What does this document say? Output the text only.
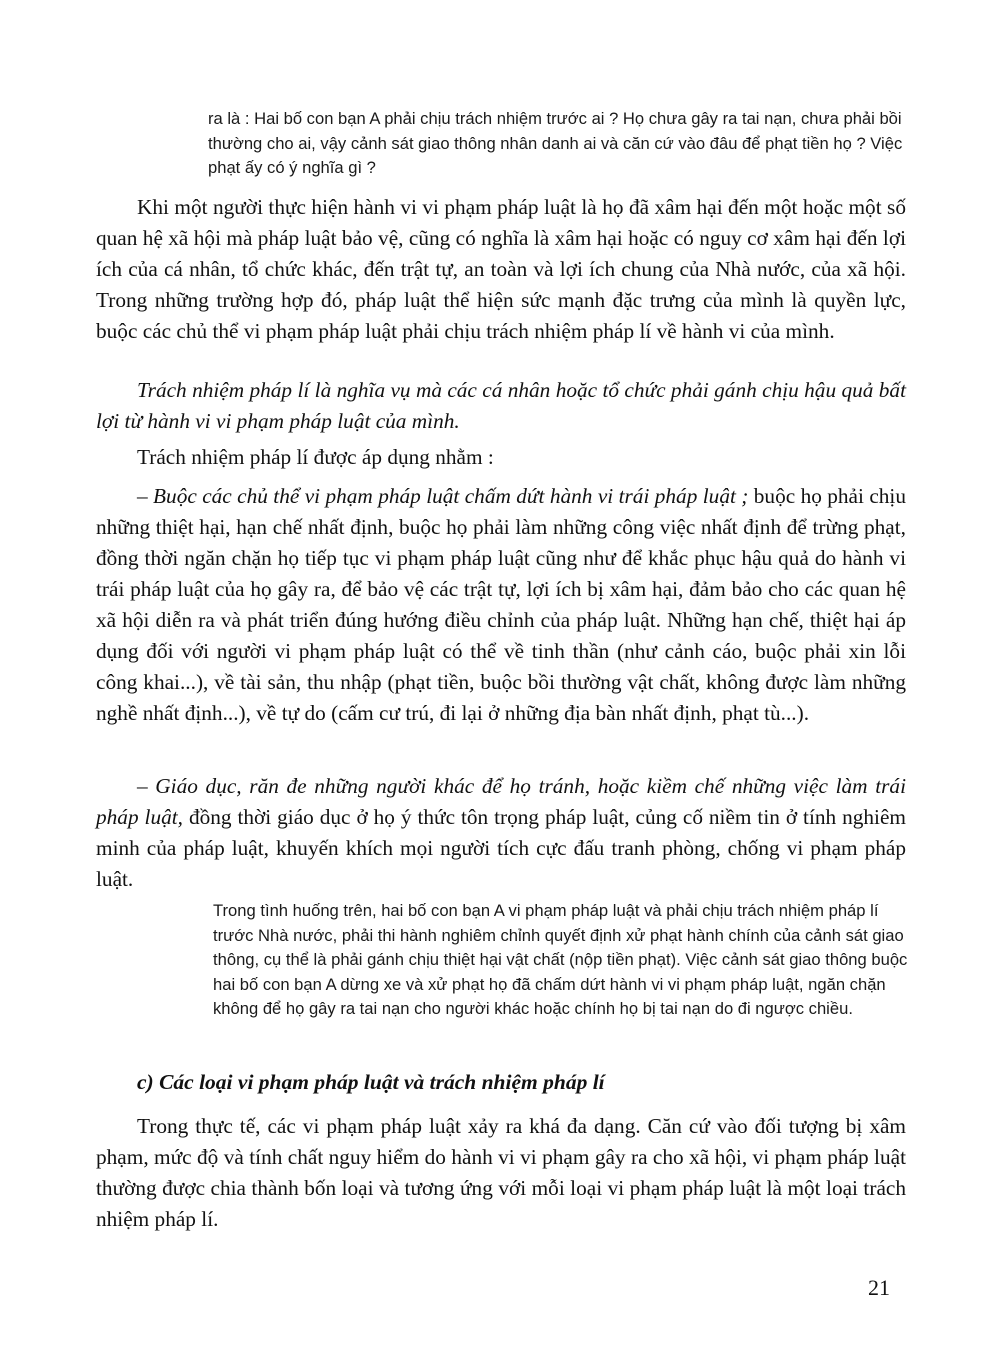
ra là : Hai bố con bạn A phải chịu trách nhiệm trước ai ? Họ chưa gây ra tai nạn, chưa phải bồi thường cho ai, vậy cảnh sát giao thông nhân danh ai và căn cứ vào đâu để phạt tiền họ ? Việc phạt ấy có ý nghĩa gì ?

Khi một người thực hiện hành vi vi phạm pháp luật là họ đã xâm hại đến một hoặc một số quan hệ xã hội mà pháp luật bảo vệ, cũng có nghĩa là xâm hại hoặc có nguy cơ xâm hại đến lợi ích của cá nhân, tổ chức khác, đến trật tự, an toàn và lợi ích chung của Nhà nước, của xã hội. Trong những trường hợp đó, pháp luật thể hiện sức mạnh đặc trưng của mình là quyền lực, buộc các chủ thể vi phạm pháp luật phải chịu trách nhiệm pháp lí về hành vi của mình.

Trách nhiệm pháp lí là nghĩa vụ mà các cá nhân hoặc tổ chức phải gánh chịu hậu quả bất lợi từ hành vi vi phạm pháp luật của mình.

Trách nhiệm pháp lí được áp dụng nhằm :

– Buộc các chủ thể vi phạm pháp luật chấm dứt hành vi trái pháp luật ; buộc họ phải chịu những thiệt hại, hạn chế nhất định, buộc họ phải làm những công việc nhất định để trừng phạt, đồng thời ngăn chặn họ tiếp tục vi phạm pháp luật cũng như để khắc phục hậu quả do hành vi trái pháp luật của họ gây ra, để bảo vệ các trật tự, lợi ích bị xâm hại, đảm bảo cho các quan hệ xã hội diễn ra và phát triển đúng hướng điều chỉnh của pháp luật. Những hạn chế, thiệt hại áp dụng đối với người vi phạm pháp luật có thể về tinh thần (như cảnh cáo, buộc phải xin lỗi công khai...), về tài sản, thu nhập (phạt tiền, buộc bồi thường vật chất, không được làm những nghề nhất định...), về tự do (cấm cư trú, đi lại ở những địa bàn nhất định, phạt tù...).

– Giáo dục, răn đe những người khác để họ tránh, hoặc kiềm chế những việc làm trái pháp luật, đồng thời giáo dục ở họ ý thức tôn trọng pháp luật, củng cố niềm tin ở tính nghiêm minh của pháp luật, khuyến khích mọi người tích cực đấu tranh phòng, chống vi phạm pháp luật.

Trong tình huống trên, hai bố con bạn A vi phạm pháp luật và phải chịu trách nhiệm pháp lí trước Nhà nước, phải thi hành nghiêm chỉnh quyết định xử phạt hành chính của cảnh sát giao thông, cụ thể là phải gánh chịu thiệt hại vật chất (nộp tiền phạt). Việc cảnh sát giao thông buộc hai bố con bạn A dừng xe và xử phạt họ đã chấm dứt hành vi vi phạm pháp luật, ngăn chặn không để họ gây ra tai nạn cho người khác hoặc chính họ bị tai nạn do đi ngược chiều.

c) Các loại vi phạm pháp luật và trách nhiệm pháp lí

Trong thực tế, các vi phạm pháp luật xảy ra khá đa dạng. Căn cứ vào đối tượng bị xâm phạm, mức độ và tính chất nguy hiểm do hành vi vi phạm gây ra cho xã hội, vi phạm pháp luật thường được chia thành bốn loại và tương ứng với mỗi loại vi phạm pháp luật là một loại trách nhiệm pháp lí.

21
